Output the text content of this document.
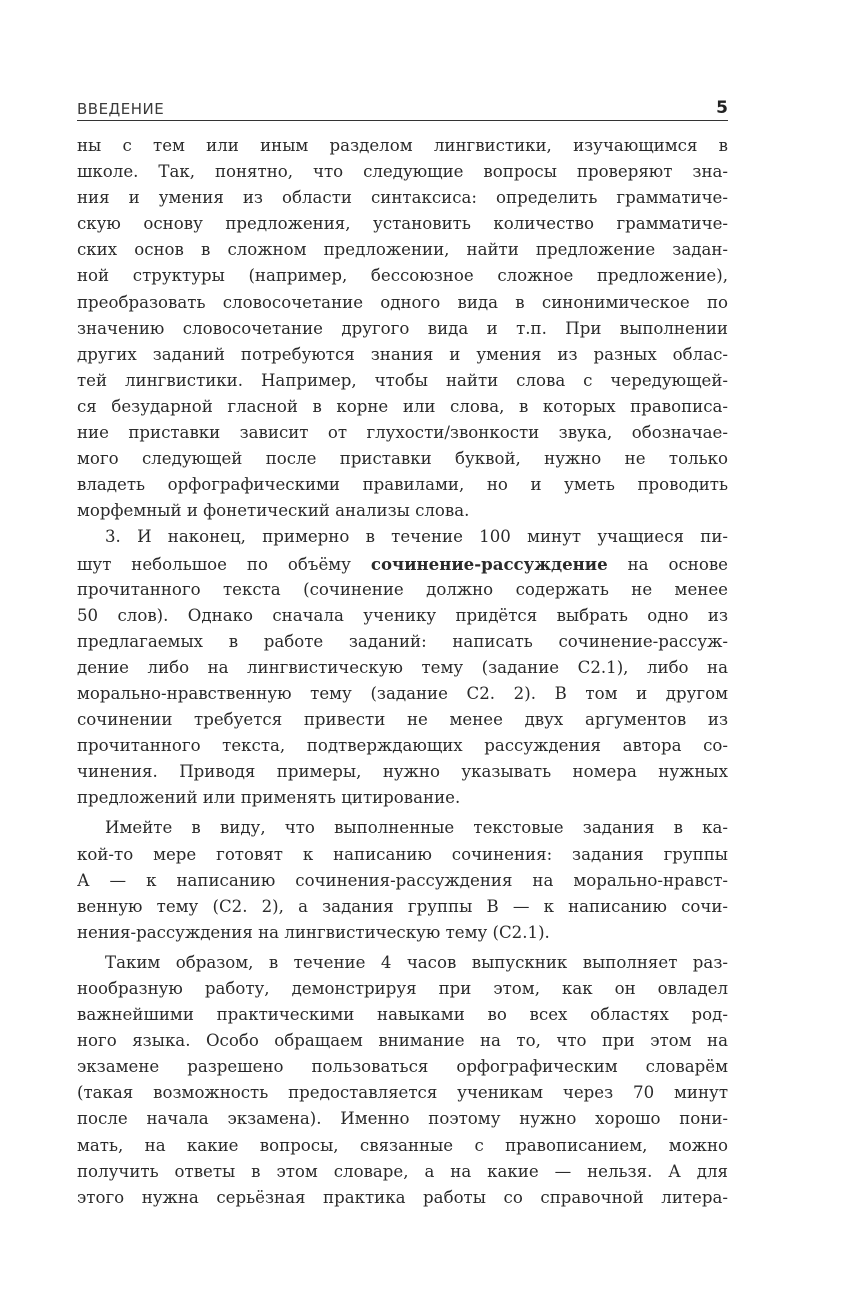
ВВЕДЕНИЕ	5
ны с тем или иным разделом лингвистики, изучающимся в
школе. Так, понятно, что следующие вопросы проверяют зна-
ния и умения из области синтаксиса: определить грамматиче-
скую основу предложения, установить количество грамматиче-
ских основ в сложном предложении, найти предложение задан-
ной структуры (например, бессоюзное сложное предложение),
преобразовать словосочетание одного вида в синонимическое по
значению словосочетание другого вида и т.п. При выполнении
других заданий потребуются знания и умения из разных облас-
тей лингвистики. Например, чтобы найти слова с чередующей-
ся безударной гласной в корне или слова, в которых правописа-
ние приставки зависит от глухости/звонкости звука, обозначае-
мого следующей после приставки буквой, нужно не только
владеть орфографическими правилами, но и уметь проводить
морфемный и фонетический анализы слова.
3. И наконец, примерно в течение 100 минут учащиеся пи-
шут небольшое по объёму сочинение-рассуждение на основе
прочитанного текста (сочинение должно содержать не менее
50 слов). Однако сначала ученику придётся выбрать одно из
предлагаемых в работе заданий: написать сочинение-рассуж-
дение либо на лингвистическую тему (задание С2.1), либо на
морально-нравственную тему (задание С2. 2). В том и другом
сочинении требуется привести не менее двух аргументов из
прочитанного текста, подтверждающих рассуждения автора со-
чинения. Приводя примеры, нужно указывать номера нужных
предложений или применять цитирование.
Имейте в виду, что выполненные текстовые задания в ка-
кой-то мере готовят к написанию сочинения: задания группы
А — к написанию сочинения-рассуждения на морально-нравст-
венную тему (С2. 2), а задания группы В — к написанию сочи-
нения-рассуждения на лингвистическую тему (С2.1).
Таким образом, в течение 4 часов выпускник выполняет раз-
нообразную работу, демонстрируя при этом, как он овладел
важнейшими практическими навыками во всех областях род-
ного языка. Особо обращаем внимание на то, что при этом на
экзамене разрешено пользоваться орфографическим словарём
(такая возможность предоставляется ученикам через 70 минут
после начала экзамена). Именно поэтому нужно хорошо пони-
мать, на какие вопросы, связанные с правописанием, можно
получить ответы в этом словаре, а на какие — нельзя. А для
этого нужна серьёзная практика работы со справочной литера-
